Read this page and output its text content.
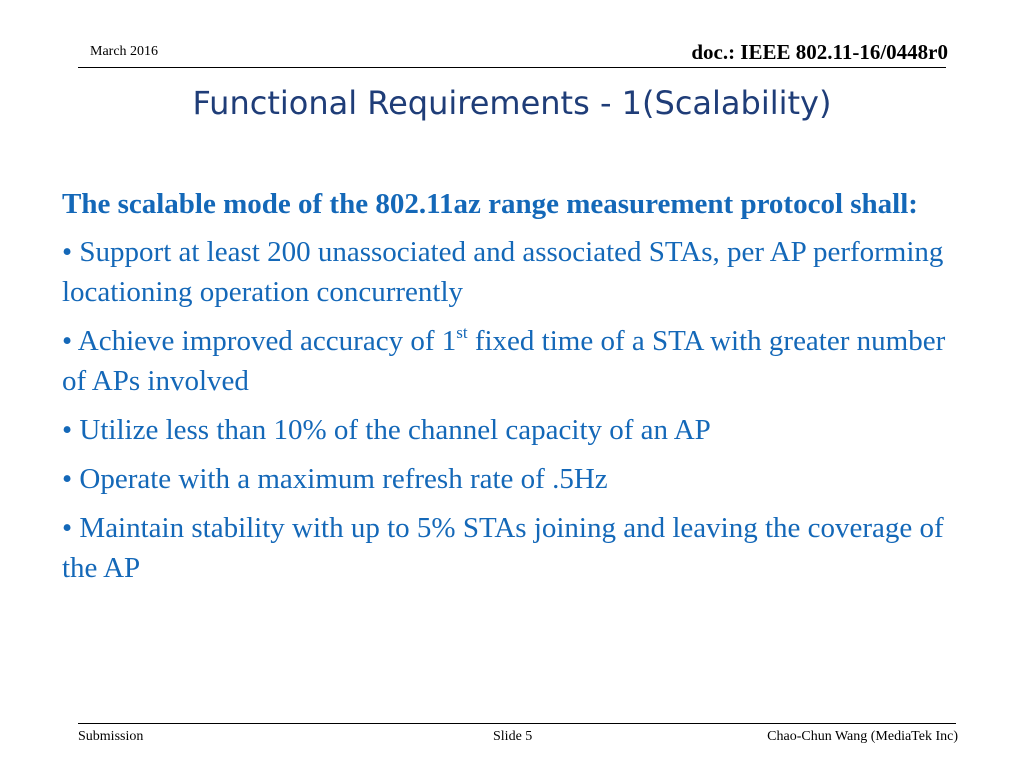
March 2016	doc.: IEEE 802.11-16/0448r0
Functional Requirements - 1(Scalability)

The scalable mode of the 802.11az range measurement protocol shall:

• Support at least 200 unassociated and associated STAs, per AP performing locationing operation concurrently

• Achieve improved accuracy of 1st fixed time of a STA with greater number of APs involved

• Utilize less than 10% of the channel capacity of an AP

• Operate with a maximum refresh rate of .5Hz

• Maintain stability with up to 5% STAs joining and leaving the coverage of the AP

Submission	Slide 5	Chao-Chun Wang (MediaTek Inc)
